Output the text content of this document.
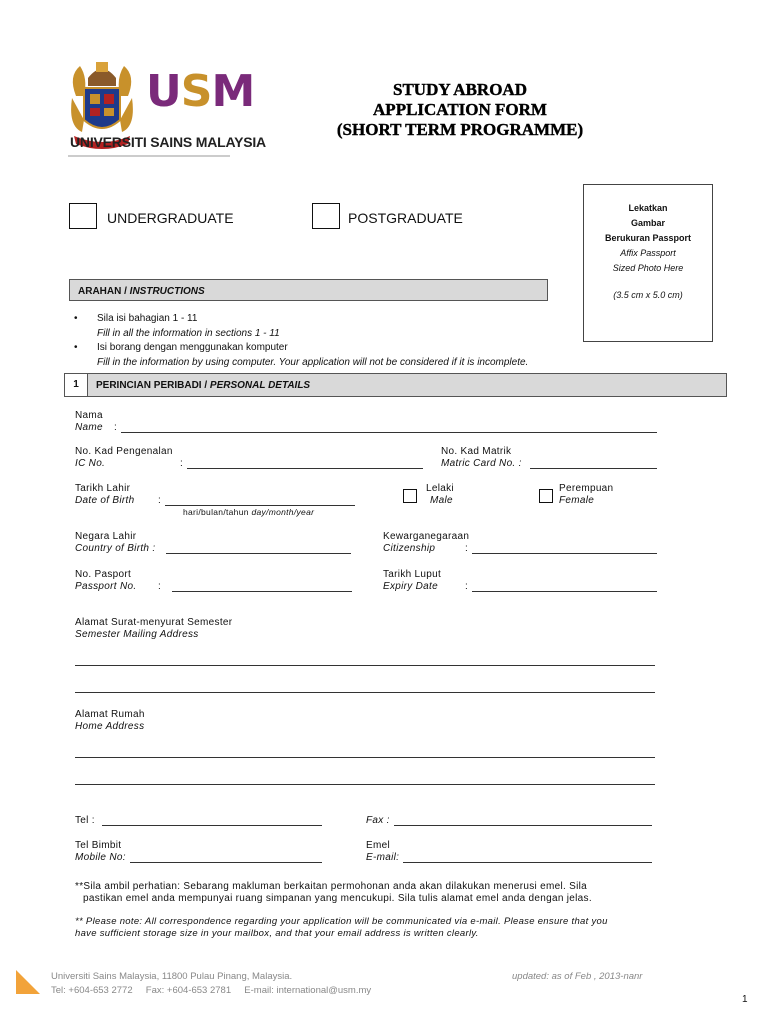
USM
UNIVERSITI SAINS MALAYSIA
STUDY ABROAD
APPLICATION FORM
(SHORT TERM PROGRAMME)
UNDERGRADUATE	POSTGRADUATE
Lekatkan
Gambar
Berukuran Passport
Affix Passport
Sized Photo Here
(3.5 cm x 5.0 cm)
ARAHAN / INSTRUCTIONS
• Sila isi bahagian 1 - 11
Fill in all the information in sections 1 - 11
• Isi borang dengan menggunakan komputer
Fill in the information by using computer. Your application will not be considered if it is incomplete.
1	PERINCIAN PERIBADI / PERSONAL DETAILS
Nama
Name :
No. Kad Pengenalan
IC No.	:
No. Kad Matrik
Matric Card No. :
Tarikh Lahir
Date of Birth :
hari/bulan/tahun day/month/year
Lelaki
Male
Perempuan
Female
Negara Lahir
Country of Birth :
Kewarganegaraan
Citizenship	:
No. Pasport
Passport No. :
Tarikh Luput
Expiry Date	:
Alamat Surat-menyurat Semester
Semester Mailing Address
Alamat Rumah
Home Address
Tel :	Fax :
Tel Bimbit
Mobile No:
Emel
E-mail:
**Sila ambil perhatian: Sebarang makluman berkaitan permohonan anda akan dilakukan menerusi emel. Sila
pastikan emel anda mempunyai ruang simpanan yang mencukupi. Sila tulis alamat emel anda dengan jelas.
** Please note: All correspondence regarding your application will be communicated via e-mail. Please ensure that you
have sufficient storage size in your mailbox, and that your email address is written clearly.
Universiti Sains Malaysia, 11800 Pulau Pinang, Malaysia.
Tel: +604-653 2772     Fax: +604-653 2781     E-mail: international@usm.my
updated: as of Feb , 2013-nanr
1
